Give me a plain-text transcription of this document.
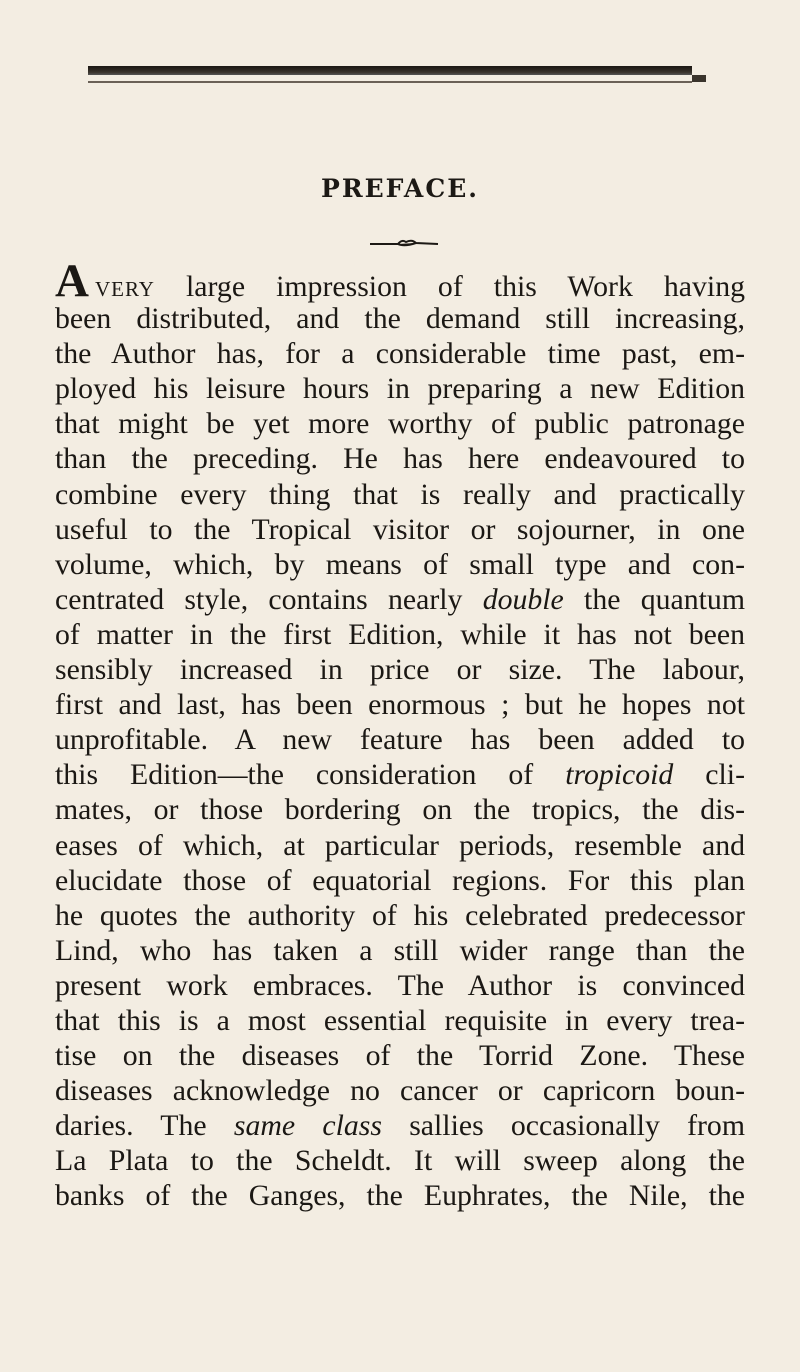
PREFACE.
Avery large impression of this Work having
been distributed, and the demand still increasing,
the Author has, for a considerable time past, em-
ployed his leisure hours in preparing a new Edition
that might be yet more worthy of public patronage
than the preceding. He has here endeavoured to
combine every thing that is really and practically
useful to the Tropical visitor or sojourner, in one
volume, which, by means of small type and con-
centrated style, contains nearly double the quantum
of matter in the first Edition, while it has not been
sensibly increased in price or size. The labour,
first and last, has been enormous ; but he hopes not
unprofitable. A new feature has been added to
this Edition—the consideration of tropicoid cli-
mates, or those bordering on the tropics, the dis-
eases of which, at particular periods, resemble and
elucidate those of equatorial regions. For this plan
he quotes the authority of his celebrated predecessor
Lind, who has taken a still wider range than the
present work embraces. The Author is convinced
that this is a most essential requisite in every trea-
tise on the diseases of the Torrid Zone. These
diseases acknowledge no cancer or capricorn boun-
daries. The same class sallies occasionally from
La Plata to the Scheldt. It will sweep along the
banks of the Ganges, the Euphrates, the Nile, the
